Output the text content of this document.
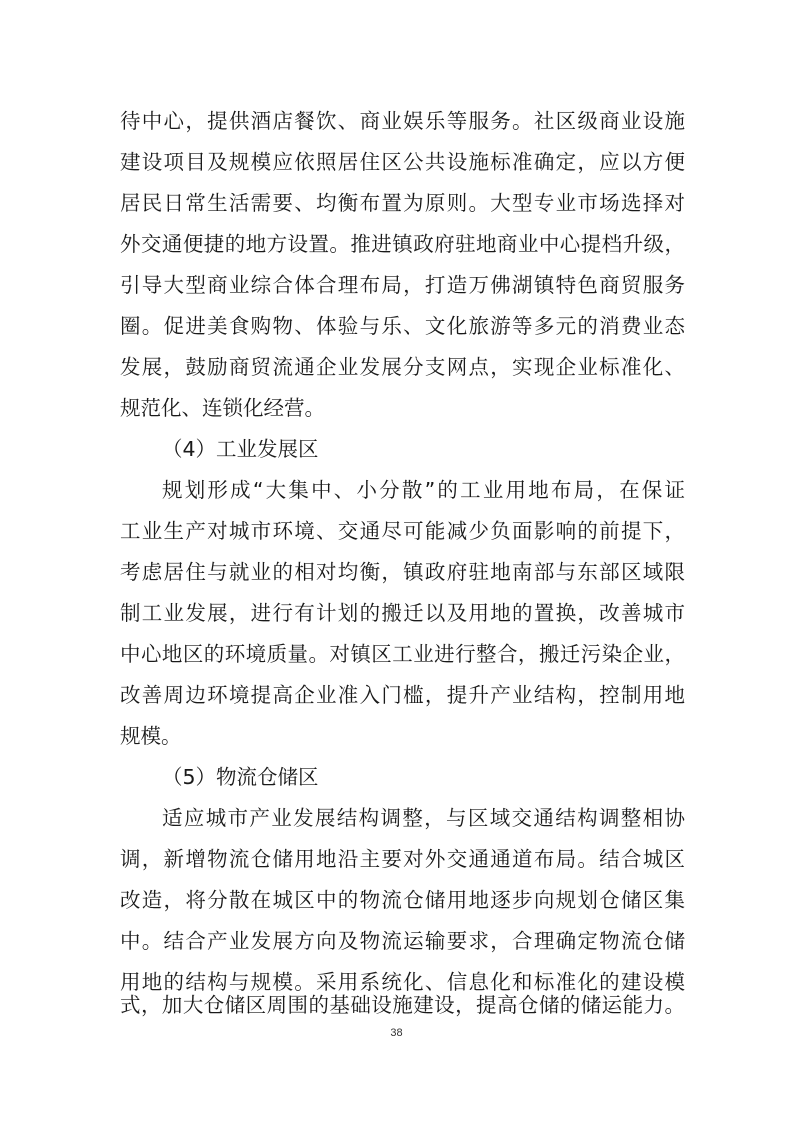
待中心，提供酒店餐饮、商业娱乐等服务。社区级商业设施
建设项目及规模应依照居住区公共设施标准确定，应以方便
居民日常生活需要、均衡布置为原则。大型专业市场选择对
外交通便捷的地方设置。推进镇政府驻地商业中心提档升级，
引导大型商业综合体合理布局，打造万佛湖镇特色商贸服务
圈。促进美食购物、体验与乐、文化旅游等多元的消费业态
发展，鼓励商贸流通企业发展分支网点，实现企业标准化、
规范化、连锁化经营。
（4）工业发展区
规划形成“大集中、小分散”的工业用地布局，在保证
工业生产对城市环境、交通尽可能减少负面影响的前提下，
考虑居住与就业的相对均衡，镇政府驻地南部与东部区域限
制工业发展，进行有计划的搬迁以及用地的置换，改善城市
中心地区的环境质量。对镇区工业进行整合，搬迁污染企业，
改善周边环境提高企业准入门槛，提升产业结构，控制用地
规模。
（5）物流仓储区
适应城市产业发展结构调整，与区域交通结构调整相协
调，新增物流仓储用地沿主要对外交通通道布局。结合城区
改造，将分散在城区中的物流仓储用地逐步向规划仓储区集
中。结合产业发展方向及物流运输要求，合理确定物流仓储
用地的结构与规模。采用系统化、信息化和标准化的建设模
式，加大仓储区周围的基础设施建设，提高仓储的储运能力。
38
